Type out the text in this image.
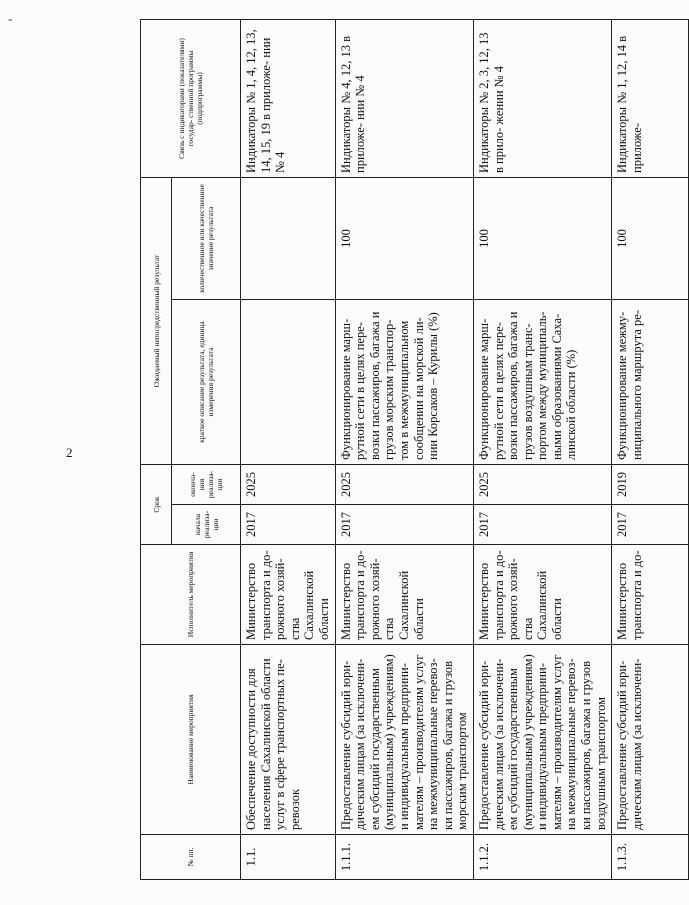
-
2
№ пп.	Наименование мероприятия	Исполнитель мероприятия	Срок		Ожидаемый непосредственный результат		Связь с индикаторами (показателями) государ- ственной программы (подпрограммы)
			начала реализа- ции	оконча- ния реализа- ции	краткое описание результата, единица измерения результата	количественное или качественное значение результата	
1.1.	Обеспечение доступности для населения Сахалинской области услуг в сфере транспортных пе- ревозок	Министерство транспорта и до- рожного хозяй- ства Сахалинской области	2017	2025			Индикаторы № 1, 4, 12, 13, 14, 15, 19 в приложе- нии № 4
1.1.1.	Предоставление субсидий юри- дическим лицам (за исключени- ем субсидий государственным (муниципальным) учреждениям) и индивидуальным предприни- мателям – производителям услуг на межмуниципальные перевоз- ки пассажиров, багажа и грузов морским транспортом	Министерство транспорта и до- рожного хозяй- ства Сахалинской области	2017	2025	Функционирование марш- рутной сети в целях пере- возки пассажиров, багажа и грузов морским транспор- том в межмуниципальном сообщении на морской ли- нии Корсаков – Курилы (%)	100	Индикаторы № 4, 12, 13 в приложе- нии № 4
1.1.2.	Предоставление субсидий юри- дическим лицам (за исключени- ем субсидий государственным (муниципальным) учреждениям) и индивидуальным предприни- мателям – производителям услуг на межмуниципальные перевоз- ки пассажиров, багажа и грузов воздушным транспортом	Министерство транспорта и до- рожного хозяй- ства Сахалинской области	2017	2025	Функционирование марш- рутной сети в целях пере- возки пассажиров, багажа и грузов воздушным транс- портом между муниципаль- ными образованиями Саха- линской области (%)	100	Индикаторы № 2, 3, 12, 13 в прило- жении № 4
1.1.3.	Предоставление субсидий юри- дическим лицам (за исключени-	Министерство транспорта и до-	2017	2019	Функционирование межму- ниципального маршрута ре-	100	Индикаторы № 1, 12, 14 в приложе-
